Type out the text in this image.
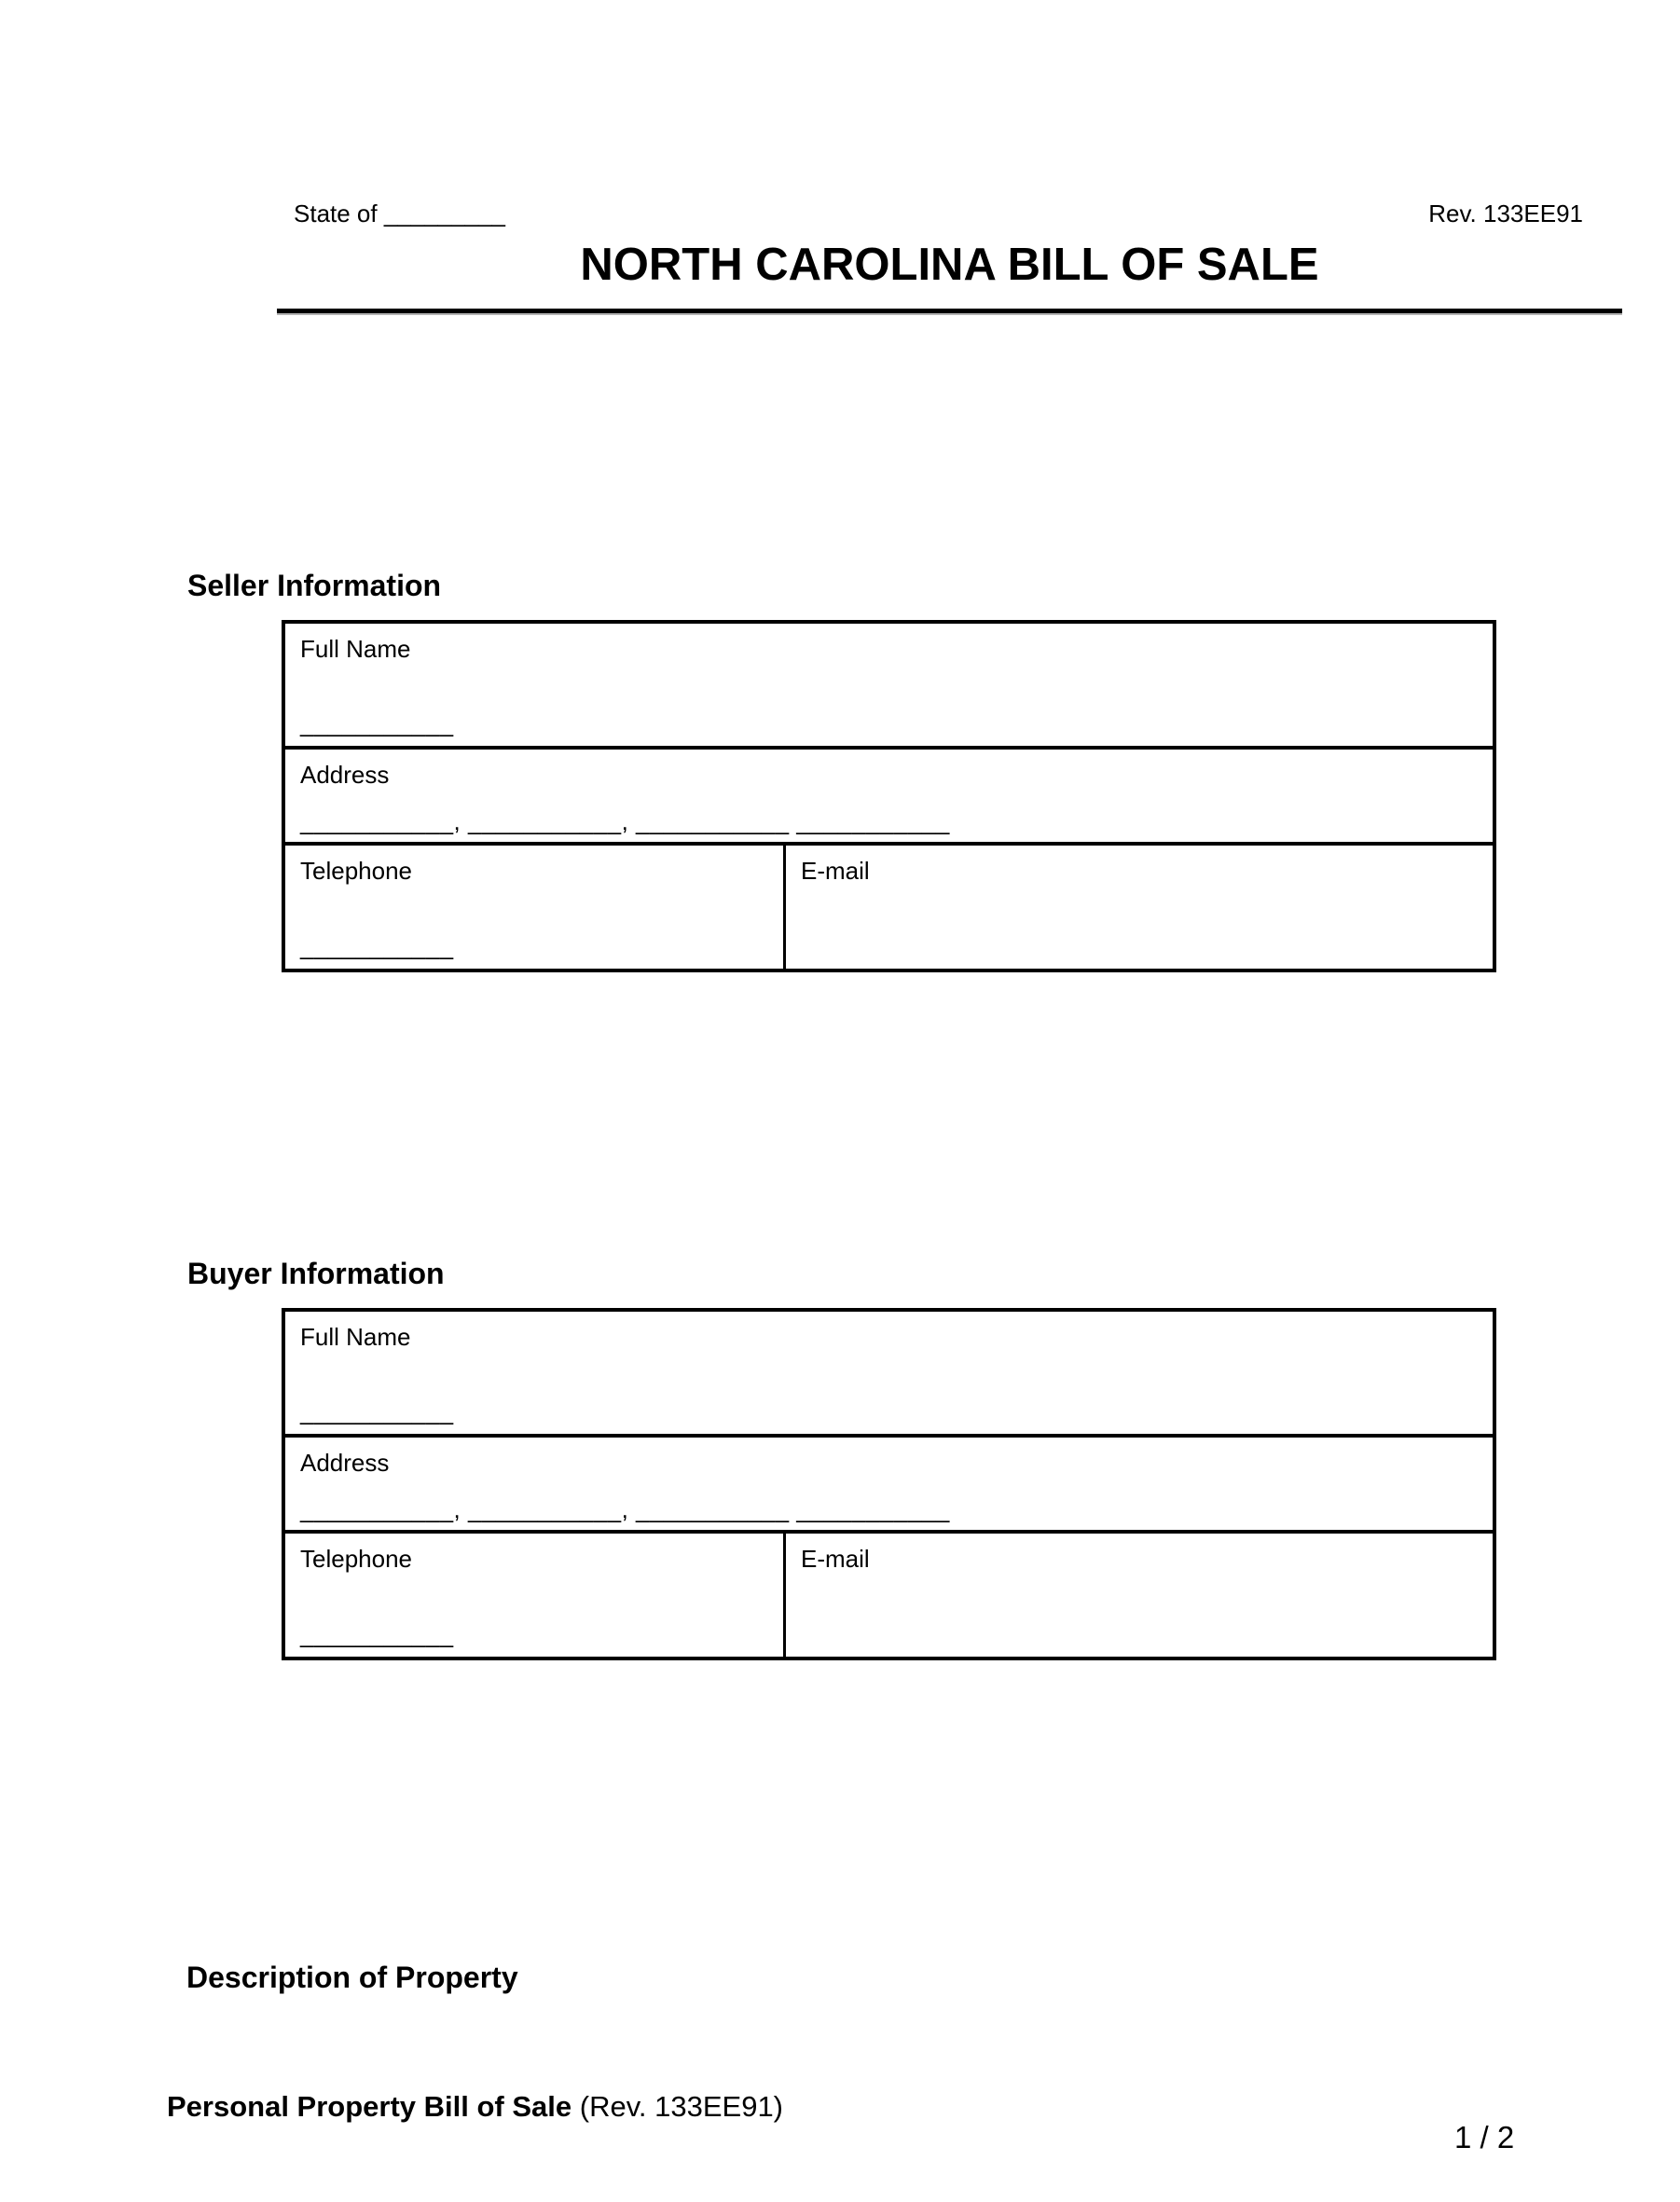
State of _________	Rev. 133EE91
NORTH CAROLINA BILL OF SALE
Seller Information
Full Name
___________
Address
___________, ___________, ___________ ___________
Telephone
___________
E-mail
Buyer Information
Full Name
___________
Address
___________, ___________, ___________ ___________
Telephone
___________
E-mail
Description of Property
Personal Property Bill of Sale (Rev. 133EE91)
1 / 2
